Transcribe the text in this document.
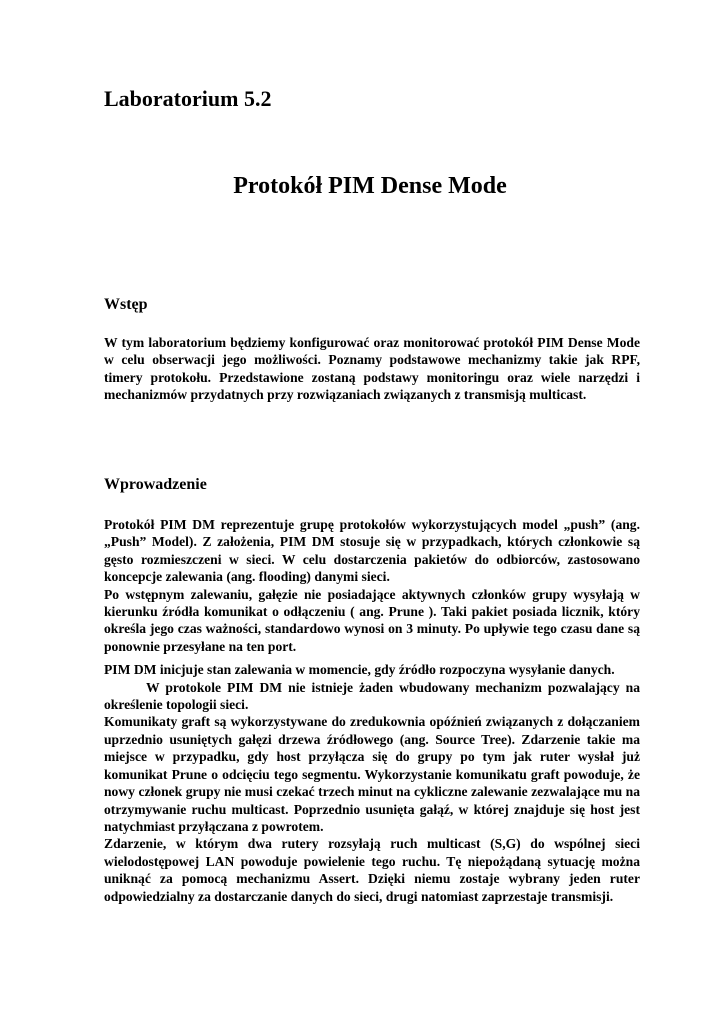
Laboratorium 5.2
Protokół PIM Dense Mode
Wstęp

W tym laboratorium będziemy konfigurować oraz monitorować protokół PIM Dense Mode w celu obserwacji jego możliwości. Poznamy podstawowe mechanizmy takie jak RPF, timery protokołu. Przedstawione zostaną podstawy monitoringu oraz wiele narzędzi i mechanizmów przydatnych przy rozwiązaniach związanych z transmisją multicast.

Wprowadzenie

Protokół PIM DM reprezentuje grupę protokołów wykorzystujących model „push” (ang. „Push” Model). Z założenia, PIM DM stosuje się w przypadkach, których członkowie są gęsto rozmieszczeni w sieci. W celu dostarczenia pakietów do odbiorców, zastosowano koncepcje zalewania (ang. flooding) danymi sieci.

Po wstępnym zalewaniu, gałęzie nie posiadające aktywnych członków grupy wysyłają w kierunku źródła komunikat o odłączeniu ( ang. Prune ). Taki pakiet posiada licznik, który określa jego czas ważności, standardowo wynosi on 3 minuty. Po upływie tego czasu dane są ponownie przesyłane na ten port.

PIM DM inicjuje stan zalewania w momencie, gdy źródło rozpoczyna wysyłanie danych.

W protokole PIM DM nie istnieje żaden wbudowany mechanizm pozwalający na określenie topologii sieci.

Komunikaty graft są wykorzystywane do zredukownia opóźnień związanych z dołączaniem uprzednio usuniętych gałęzi drzewa źródłowego (ang. Source Tree). Zdarzenie takie ma miejsce w przypadku, gdy host przyłącza się do grupy po tym jak ruter wysłał już komunikat Prune o odcięciu tego segmentu. Wykorzystanie komunikatu graft powoduje, że nowy członek grupy nie musi czekać trzech minut na cykliczne zalewanie zezwalające mu na otrzymywanie ruchu multicast. Poprzednio usunięta gałąź, w której znajduje się host jest natychmiast przyłączana z powrotem.

Zdarzenie, w którym dwa rutery rozsyłają ruch multicast (S,G) do wspólnej sieci wielodostępowej LAN powoduje powielenie tego ruchu. Tę niepożądaną sytuację można uniknąć za pomocą mechanizmu Assert. Dzięki niemu zostaje wybrany jeden ruter odpowiedzialny za dostarczanie danych do sieci, drugi natomiast zaprzestaje transmisji.
